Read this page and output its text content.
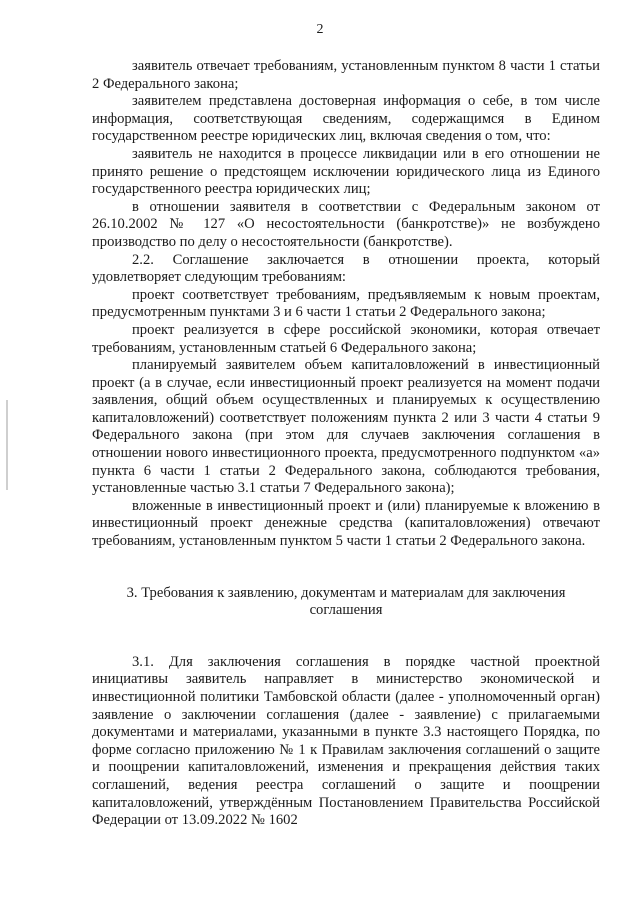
2

заявитель отвечает требованиям, установленным пунктом 8 части 1 статьи 2 Федерального закона;

заявителем представлена достоверная информация о себе, в том числе информация, соответствующая сведениям, содержащимся в Едином государственном реестре юридических лиц, включая сведения о том, что:

заявитель не находится в процессе ликвидации или в его отношении не принято решение о предстоящем исключении юридического лица из Единого государственного реестра юридических лиц;

в отношении заявителя в соответствии с Федеральным законом от 26.10.2002 № 127 «О несостоятельности (банкротстве)» не возбуждено производство по делу о несостоятельности (банкротстве).

2.2. Соглашение заключается в отношении проекта, который удовлетворяет следующим требованиям:

проект соответствует требованиям, предъявляемым к новым проектам, предусмотренным пунктами 3 и 6 части 1 статьи 2 Федерального закона;

проект реализуется в сфере российской экономики, которая отвечает требованиям, установленным статьей 6 Федерального закона;

планируемый заявителем объем капиталовложений в инвестиционный проект (а в случае, если инвестиционный проект реализуется на момент подачи заявления, общий объем осуществленных и планируемых к осуществлению капиталовложений) соответствует положениям пункта 2 или 3 части 4 статьи 9 Федерального закона (при этом для случаев заключения соглашения в отношении нового инвестиционного проекта, предусмотренного подпунктом «а» пункта 6 части 1 статьи 2 Федерального закона, соблюдаются требования, установленные частью 3.1 статьи 7 Федерального закона);

вложенные в инвестиционный проект и (или) планируемые к вложению в инвестиционный проект денежные средства (капиталовложения) отвечают требованиям, установленным пунктом 5 части 1 статьи 2 Федерального закона.

3. Требования к заявлению, документам и материалам для заключения соглашения

3.1. Для заключения соглашения в порядке частной проектной инициативы заявитель направляет в министерство экономической и инвестиционной политики Тамбовской области (далее - уполномоченный орган) заявление о заключении соглашения (далее - заявление) с прилагаемыми документами и материалами, указанными в пункте 3.3 настоящего Порядка, по форме согласно приложению № 1 к Правилам заключения соглашений о защите и поощрении капиталовложений, изменения и прекращения действия таких соглашений, ведения реестра соглашений о защите и поощрении капиталовложений, утверждённым Постановлением Правительства Российской Федерации от 13.09.2022 № 1602
